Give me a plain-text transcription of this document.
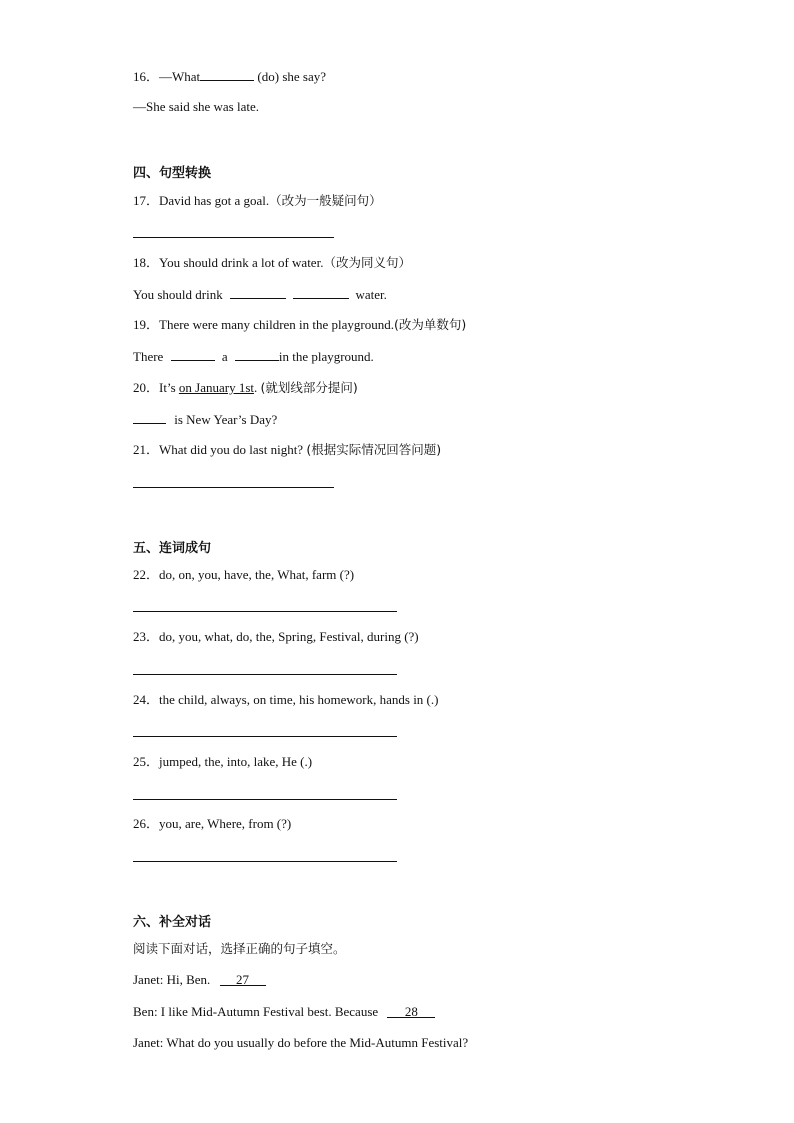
16．—What	(do) she say?
—She said she was late.
四、句型转换
17．David has got a goal.（改为一般疑问句）
18．You should drink a lot of water.（改为同义句）
You should drink	water.
19．There were many children in the playground.(改为单数句)
There	a	in the playground.
20．It’s on January 1st. (就划线部分提问)
is New Year’s Day?
21．What did you do last night? (根据实际情况回答问题)
五、连词成句
22．do, on, you, have, the, What, farm (?)
23．do, you, what, do, the, Spring, Festival, during (?)
24．the child, always, on time, his homework, hands in (.)
25．jumped, the, into, lake, He (.)
26．you, are, Where, from (?)
六、补全对话
阅读下面对话，选择正确的句子填空。
Janet: Hi, Ben. 27
Ben: I like Mid-Autumn Festival best. Because 28
Janet: What do you usually do before the Mid-Autumn Festival?
